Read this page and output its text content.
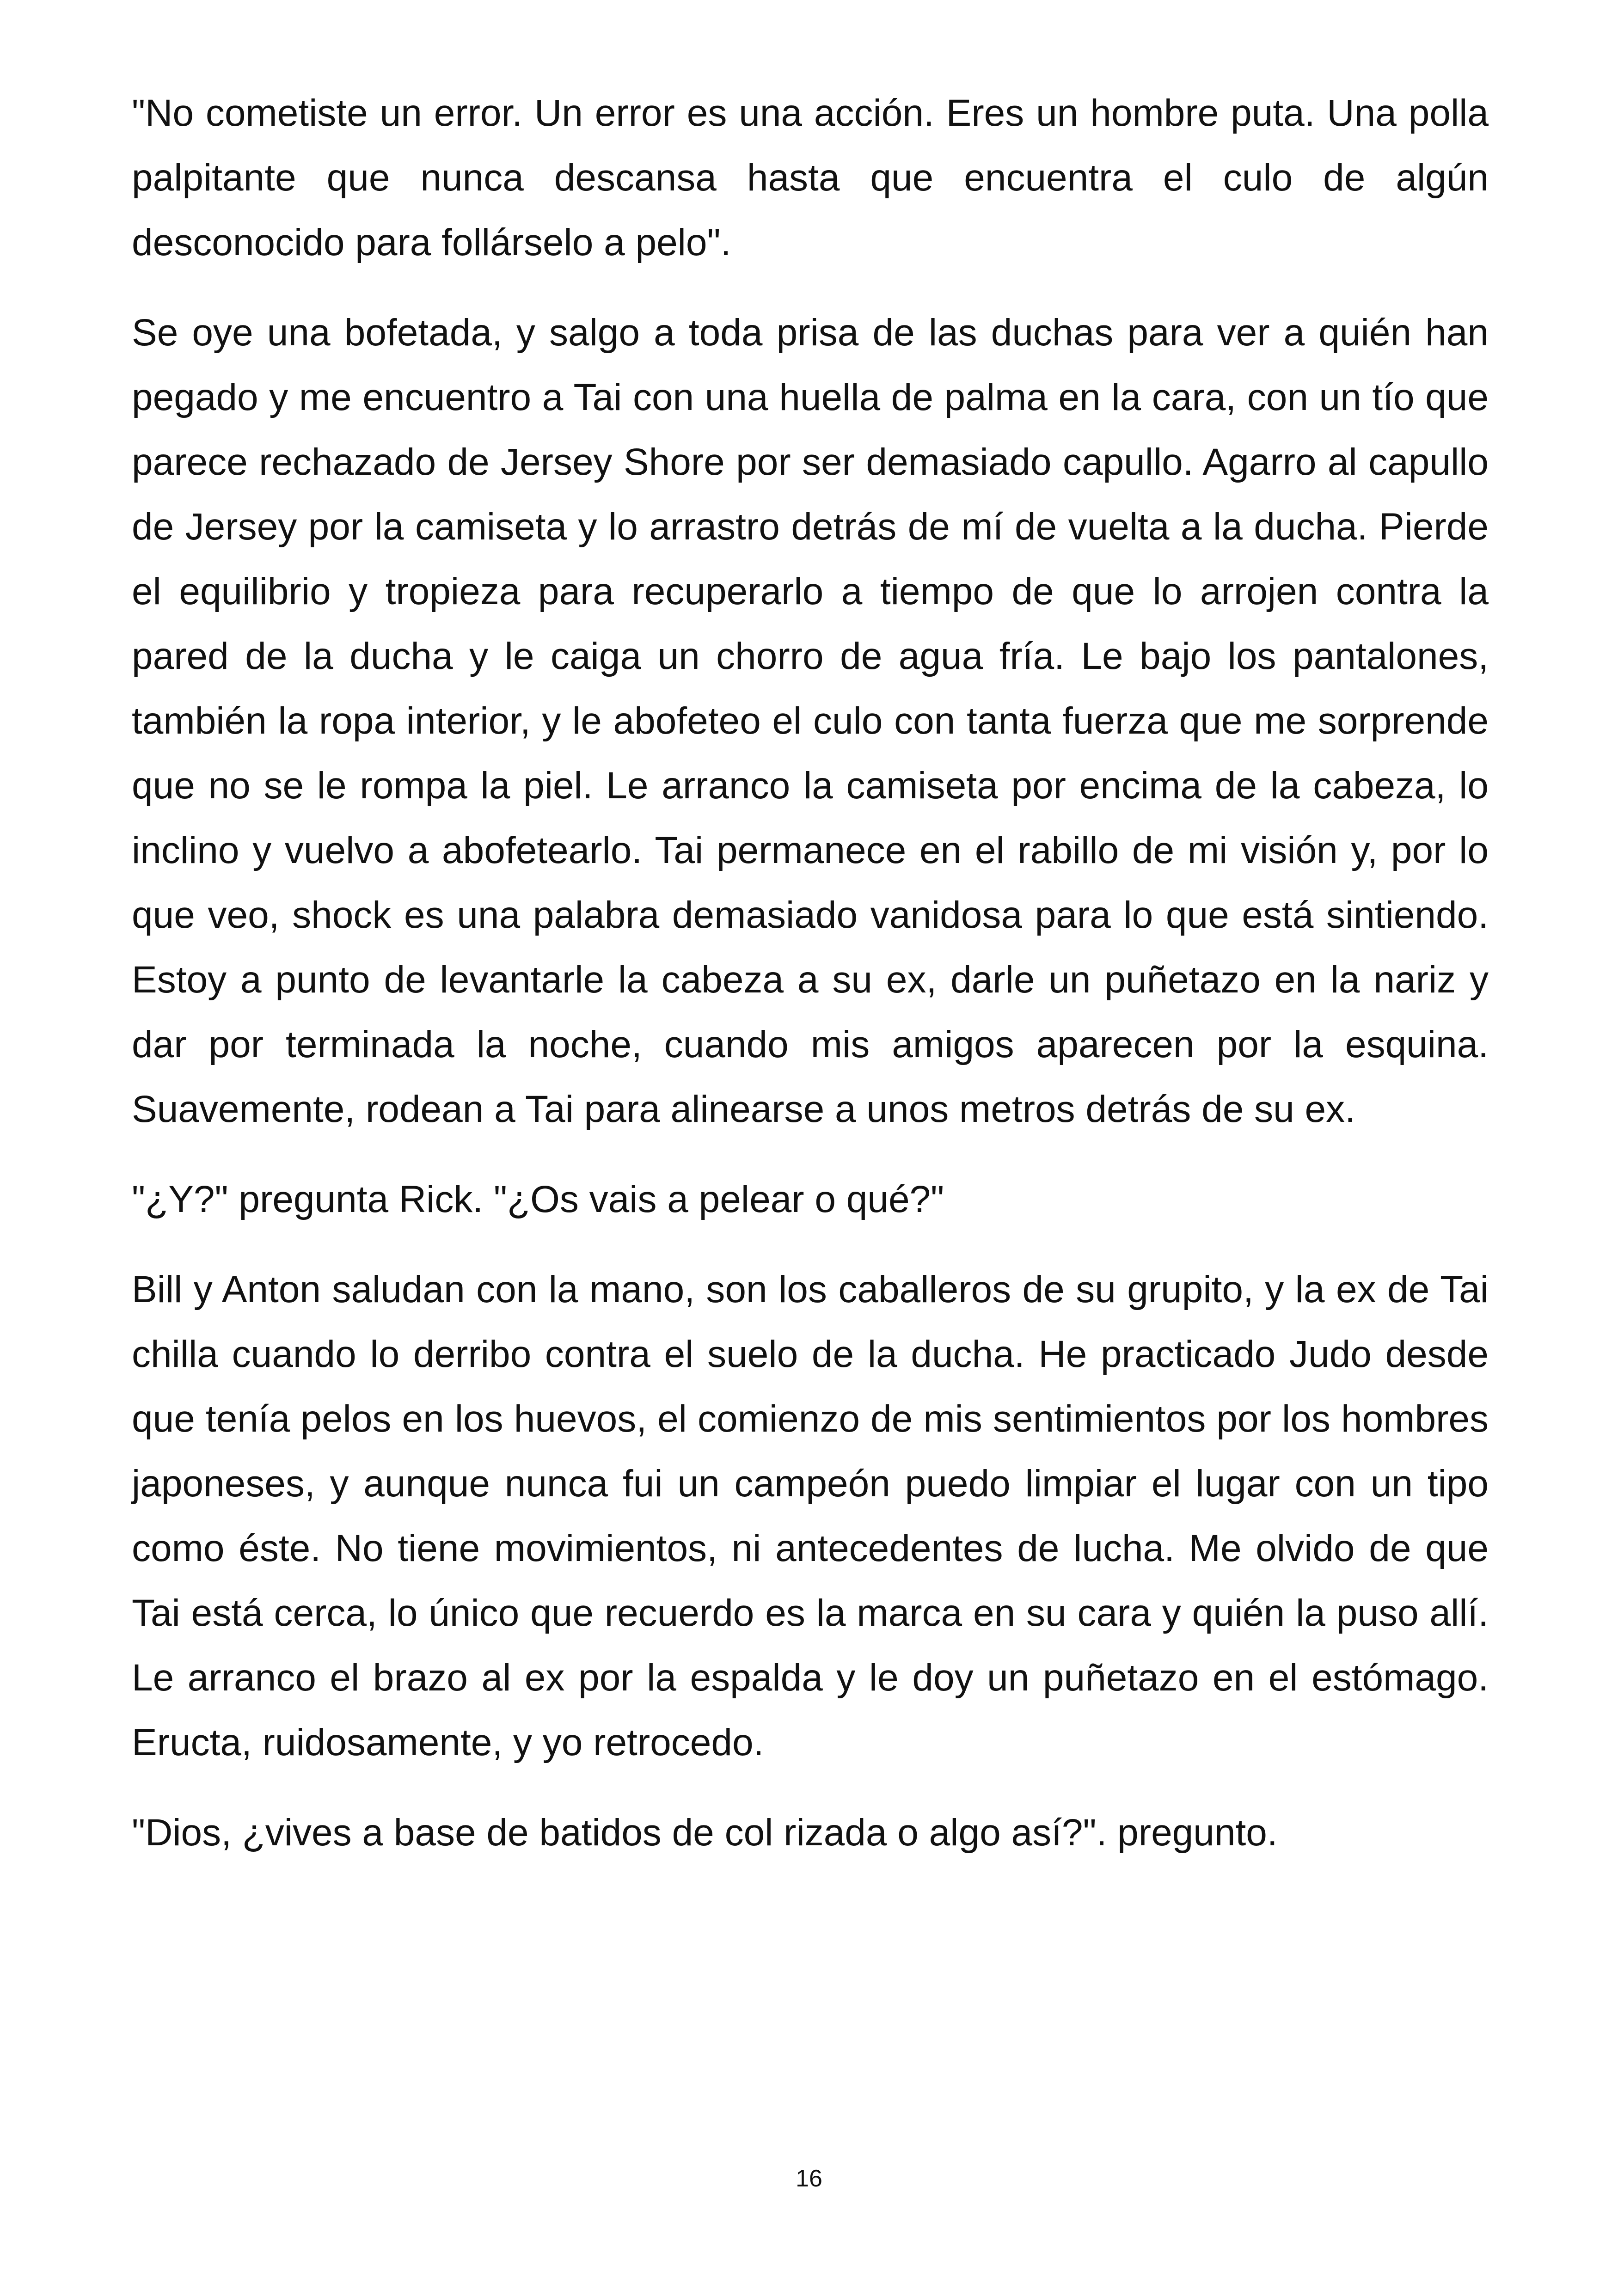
"No cometiste un error. Un error es una acción. Eres un hombre puta. Una polla palpitante que nunca descansa hasta que encuentra el culo de algún desconocido para follárselo a pelo".

Se oye una bofetada, y salgo a toda prisa de las duchas para ver a quién han pegado y me encuentro a Tai con una huella de palma en la cara, con un tío que parece rechazado de Jersey Shore por ser demasiado capullo. Agarro al capullo de Jersey por la camiseta y lo arrastro detrás de mí de vuelta a la ducha. Pierde el equilibrio y tropieza para recuperarlo a tiempo de que lo arrojen contra la pared de la ducha y le caiga un chorro de agua fría. Le bajo los pantalones, también la ropa interior, y le abofeteo el culo con tanta fuerza que me sorprende que no se le rompa la piel. Le arranco la camiseta por encima de la cabeza, lo inclino y vuelvo a abofetearlo. Tai permanece en el rabillo de mi visión y, por lo que veo, shock es una palabra demasiado vanidosa para lo que está sintiendo. Estoy a punto de levantarle la cabeza a su ex, darle un puñetazo en la nariz y dar por terminada la noche, cuando mis amigos aparecen por la esquina. Suavemente, rodean a Tai para alinearse a unos metros detrás de su ex.

"¿Y?" pregunta Rick. "¿Os vais a pelear o qué?"

Bill y Anton saludan con la mano, son los caballeros de su grupito, y la ex de Tai chilla cuando lo derribo contra el suelo de la ducha. He practicado Judo desde que tenía pelos en los huevos, el comienzo de mis sentimientos por los hombres japoneses, y aunque nunca fui un campeón puedo limpiar el lugar con un tipo como éste. No tiene movimientos, ni antecedentes de lucha. Me olvido de que Tai está cerca, lo único que recuerdo es la marca en su cara y quién la puso allí. Le arranco el brazo al ex por la espalda y le doy un puñetazo en el estómago. Eructa, ruidosamente, y yo retrocedo.

"Dios, ¿vives a base de batidos de col rizada o algo así?". pregunto.

16
